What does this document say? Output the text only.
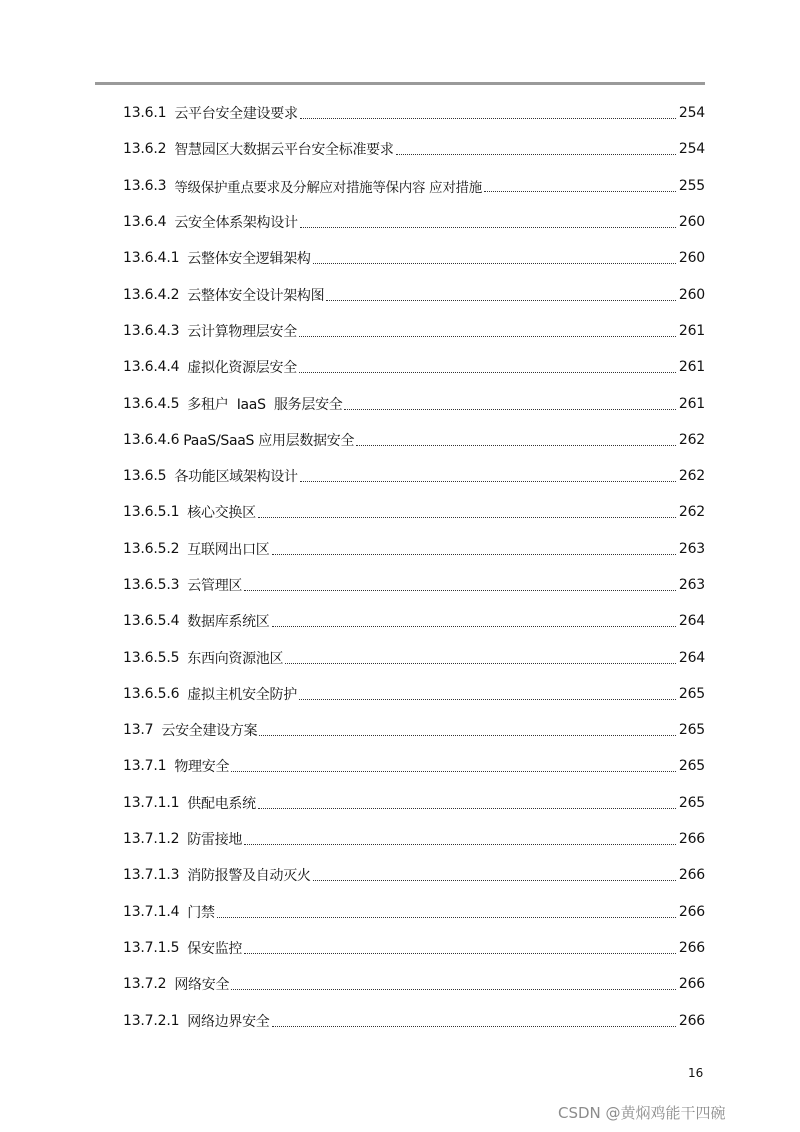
13.6.1 云平台安全建设要求	254
13.6.2 智慧园区大数据云平台安全标准要求	254
13.6.3 等级保护重点要求及分解应对措施等保内容 应对措施	255
13.6.4 云安全体系架构设计	260
13.6.4.1 云整体安全逻辑架构	260
13.6.4.2 云整体安全设计架构图	260
13.6.4.3 云计算物理层安全	261
13.6.4.4 虚拟化资源层安全	261
13.6.4.5 多租户  IaaS  服务层安全	261
13.6.4.6 PaaS/SaaS 应用层数据安全	262
13.6.5 各功能区域架构设计	262
13.6.5.1 核心交换区	262
13.6.5.2 互联网出口区	263
13.6.5.3 云管理区	263
13.6.5.4 数据库系统区	264
13.6.5.5 东西向资源池区	264
13.6.5.6 虚拟主机安全防护	265
13.7 云安全建设方案	265
13.7.1 物理安全	265
13.7.1.1 供配电系统	265
13.7.1.2 防雷接地	266
13.7.1.3 消防报警及自动灭火	266
13.7.1.4 门禁	266
13.7.1.5 保安监控	266
13.7.2 网络安全	266
13.7.2.1 网络边界安全	266
16
CSDN @黄焖鸡能干四碗
